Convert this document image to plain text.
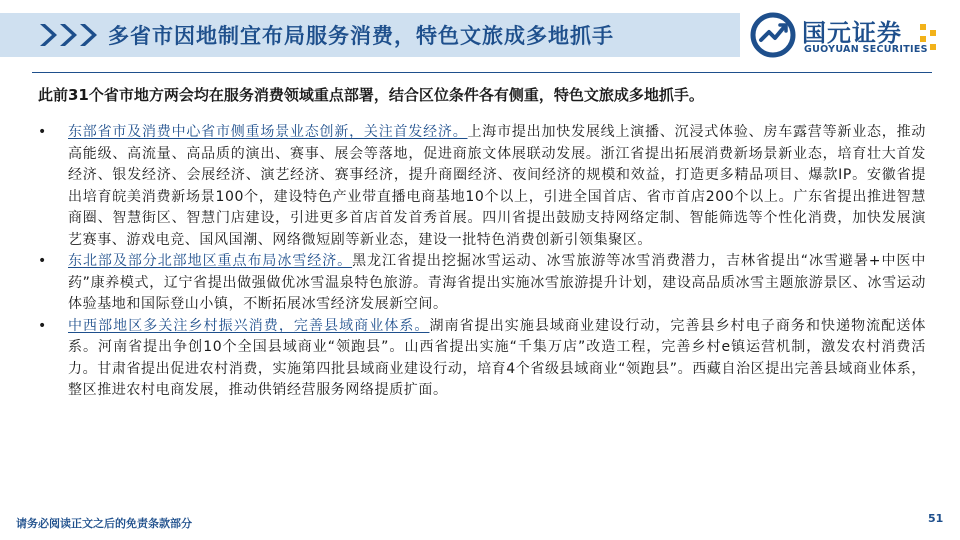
多省市因地制宜布局服务消费，特色文旅成多地抓手	国元证券
GUOYUAN SECURITIES
此前31个省市地方两会均在服务消费领域重点部署，结合区位条件各有侧重，特色文旅成多地抓手。
• 东部省市及消费中心省市侧重场景业态创新，关注首发经济。上海市提出加快发展线上演播、沉浸式体验、房车露营等新业态，推动高能级、高流量、高品质的演出、赛事、展会等落地，促进商旅文体展联动发展。浙江省提出拓展消费新场景新业态，培育壮大首发经济、银发经济、会展经济、演艺经济、赛事经济，提升商圈经济、夜间经济的规模和效益，打造更多精品项目、爆款IP。安徽省提出培育皖美消费新场景100个，建设特色产业带直播电商基地10个以上，引进全国首店、省市首店200个以上。广东省提出推进智慧商圈、智慧街区、智慧门店建设，引进更多首店首发首秀首展。四川省提出鼓励支持网络定制、智能筛选等个性化消费，加快发展演艺赛事、游戏电竞、国风国潮、网络微短剧等新业态，建设一批特色消费创新引领集聚区。
• 东北部及部分北部地区重点布局冰雪经济。黑龙江省提出挖掘冰雪运动、冰雪旅游等冰雪消费潜力，吉林省提出“冰雪避暑+中医中药”康养模式，辽宁省提出做强做优冰雪温泉特色旅游。青海省提出实施冰雪旅游提升计划，建设高品质冰雪主题旅游景区、冰雪运动体验基地和国际登山小镇，不断拓展冰雪经济发展新空间。
• 中西部地区多关注乡村振兴消费，完善县域商业体系。湖南省提出实施县域商业建设行动，完善县乡村电子商务和快递物流配送体系。河南省提出争创10个全国县域商业“领跑县”。山西省提出实施“千集万店”改造工程，完善乡村e镇运营机制，激发农村消费活力。甘肃省提出促进农村消费，实施第四批县域商业建设行动，培育4个省级县域商业“领跑县”。西藏自治区提出完善县域商业体系，整区推进农村电商发展，推动供销经营服务网络提质扩面。
请务必阅读正文之后的免责条款部分	51
